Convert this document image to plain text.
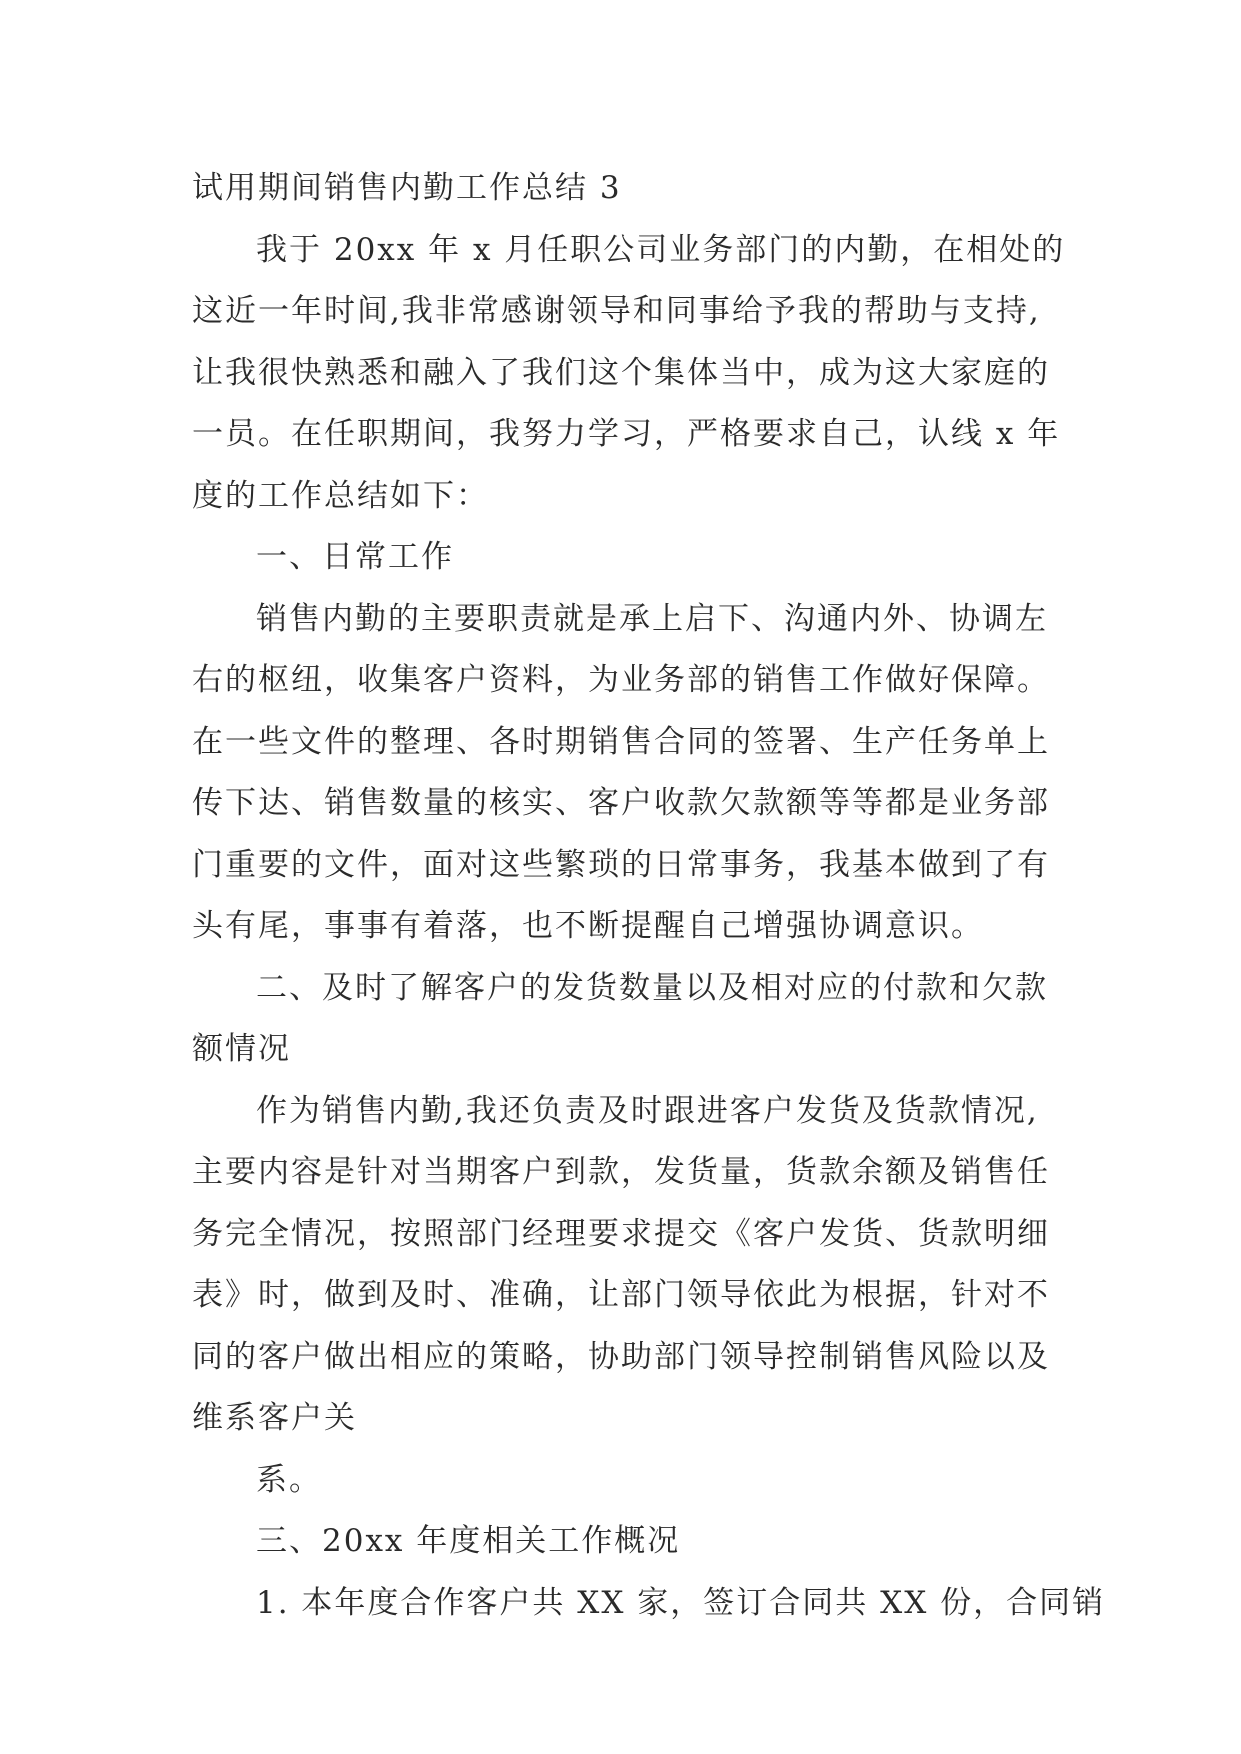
试用期间销售内勤工作总结 3
我于 20xx 年 x 月任职公司业务部门的内勤，在相处的
这近一年时间,我非常感谢领导和同事给予我的帮助与支持,
让我很快熟悉和融入了我们这个集体当中，成为这大家庭的
一员。在任职期间，我努力学习，严格要求自己，认线 x 年
度的工作总结如下：
一、日常工作
销售内勤的主要职责就是承上启下、沟通内外、协调左
右的枢纽，收集客户资料，为业务部的销售工作做好保障。
在一些文件的整理、各时期销售合同的签署、生产任务单上
传下达、销售数量的核实、客户收款欠款额等等都是业务部
门重要的文件，面对这些繁琐的日常事务，我基本做到了有
头有尾，事事有着落，也不断提醒自己增强协调意识。
二、及时了解客户的发货数量以及相对应的付款和欠款
额情况
作为销售内勤,我还负责及时跟进客户发货及货款情况,
主要内容是针对当期客户到款，发货量，货款余额及销售任
务完全情况，按照部门经理要求提交《客户发货、货款明细
表》时，做到及时、准确，让部门领导依此为根据，针对不
同的客户做出相应的策略，协助部门领导控制销售风险以及
维系客户关
系。
三、20xx 年度相关工作概况
1. 本年度合作客户共 XX 家，签订合同共 XX 份，合同销
